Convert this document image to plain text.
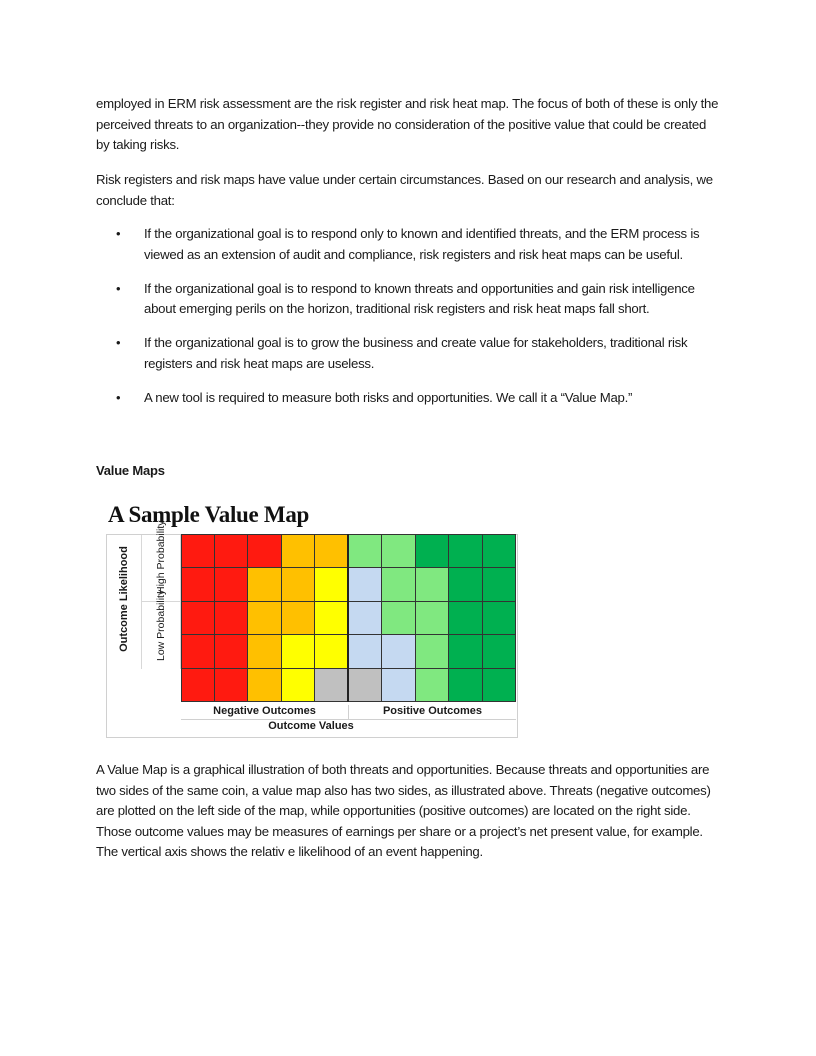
employed in ERM risk assessment are the risk register and risk heat map. The focus of both of these is only the perceived threats to an organization--they provide no consideration of the positive value that could be created by taking risks.

Risk registers and risk maps have value under certain circumstances. Based on our research and analysis, we conclude that:

• If the organizational goal is to respond only to known and identified threats, and the ERM process is viewed as an extension of audit and compliance, risk registers and risk heat maps can be useful.
• If the organizational goal is to respond to known threats and opportunities and gain risk intelligence about emerging perils on the horizon, traditional risk registers and risk heat maps fall short.
• If the organizational goal is to grow the business and create value for stakeholders, traditional risk registers and risk heat maps are useless.
• A new tool is required to measure both risks and opportunities. We call it a “Value Map.”
Value Maps
A Sample Value Map
Outcome Likelihood High Probability
Low Probability
Negative Outcomes	Positive Outcomes
Outcome Values

A Value Map is a graphical illustration of both threats and opportunities. Because threats and opportunities are two sides of the same coin, a value map also has two sides, as illustrated above. Threats (negative outcomes) are plotted on the left side of the map, while opportunities (positive outcomes) are located on the right side. Those outcome values may be measures of earnings per share or a project’s net present value, for example. The vertical axis shows the relativ e likelihood of an event happening.
